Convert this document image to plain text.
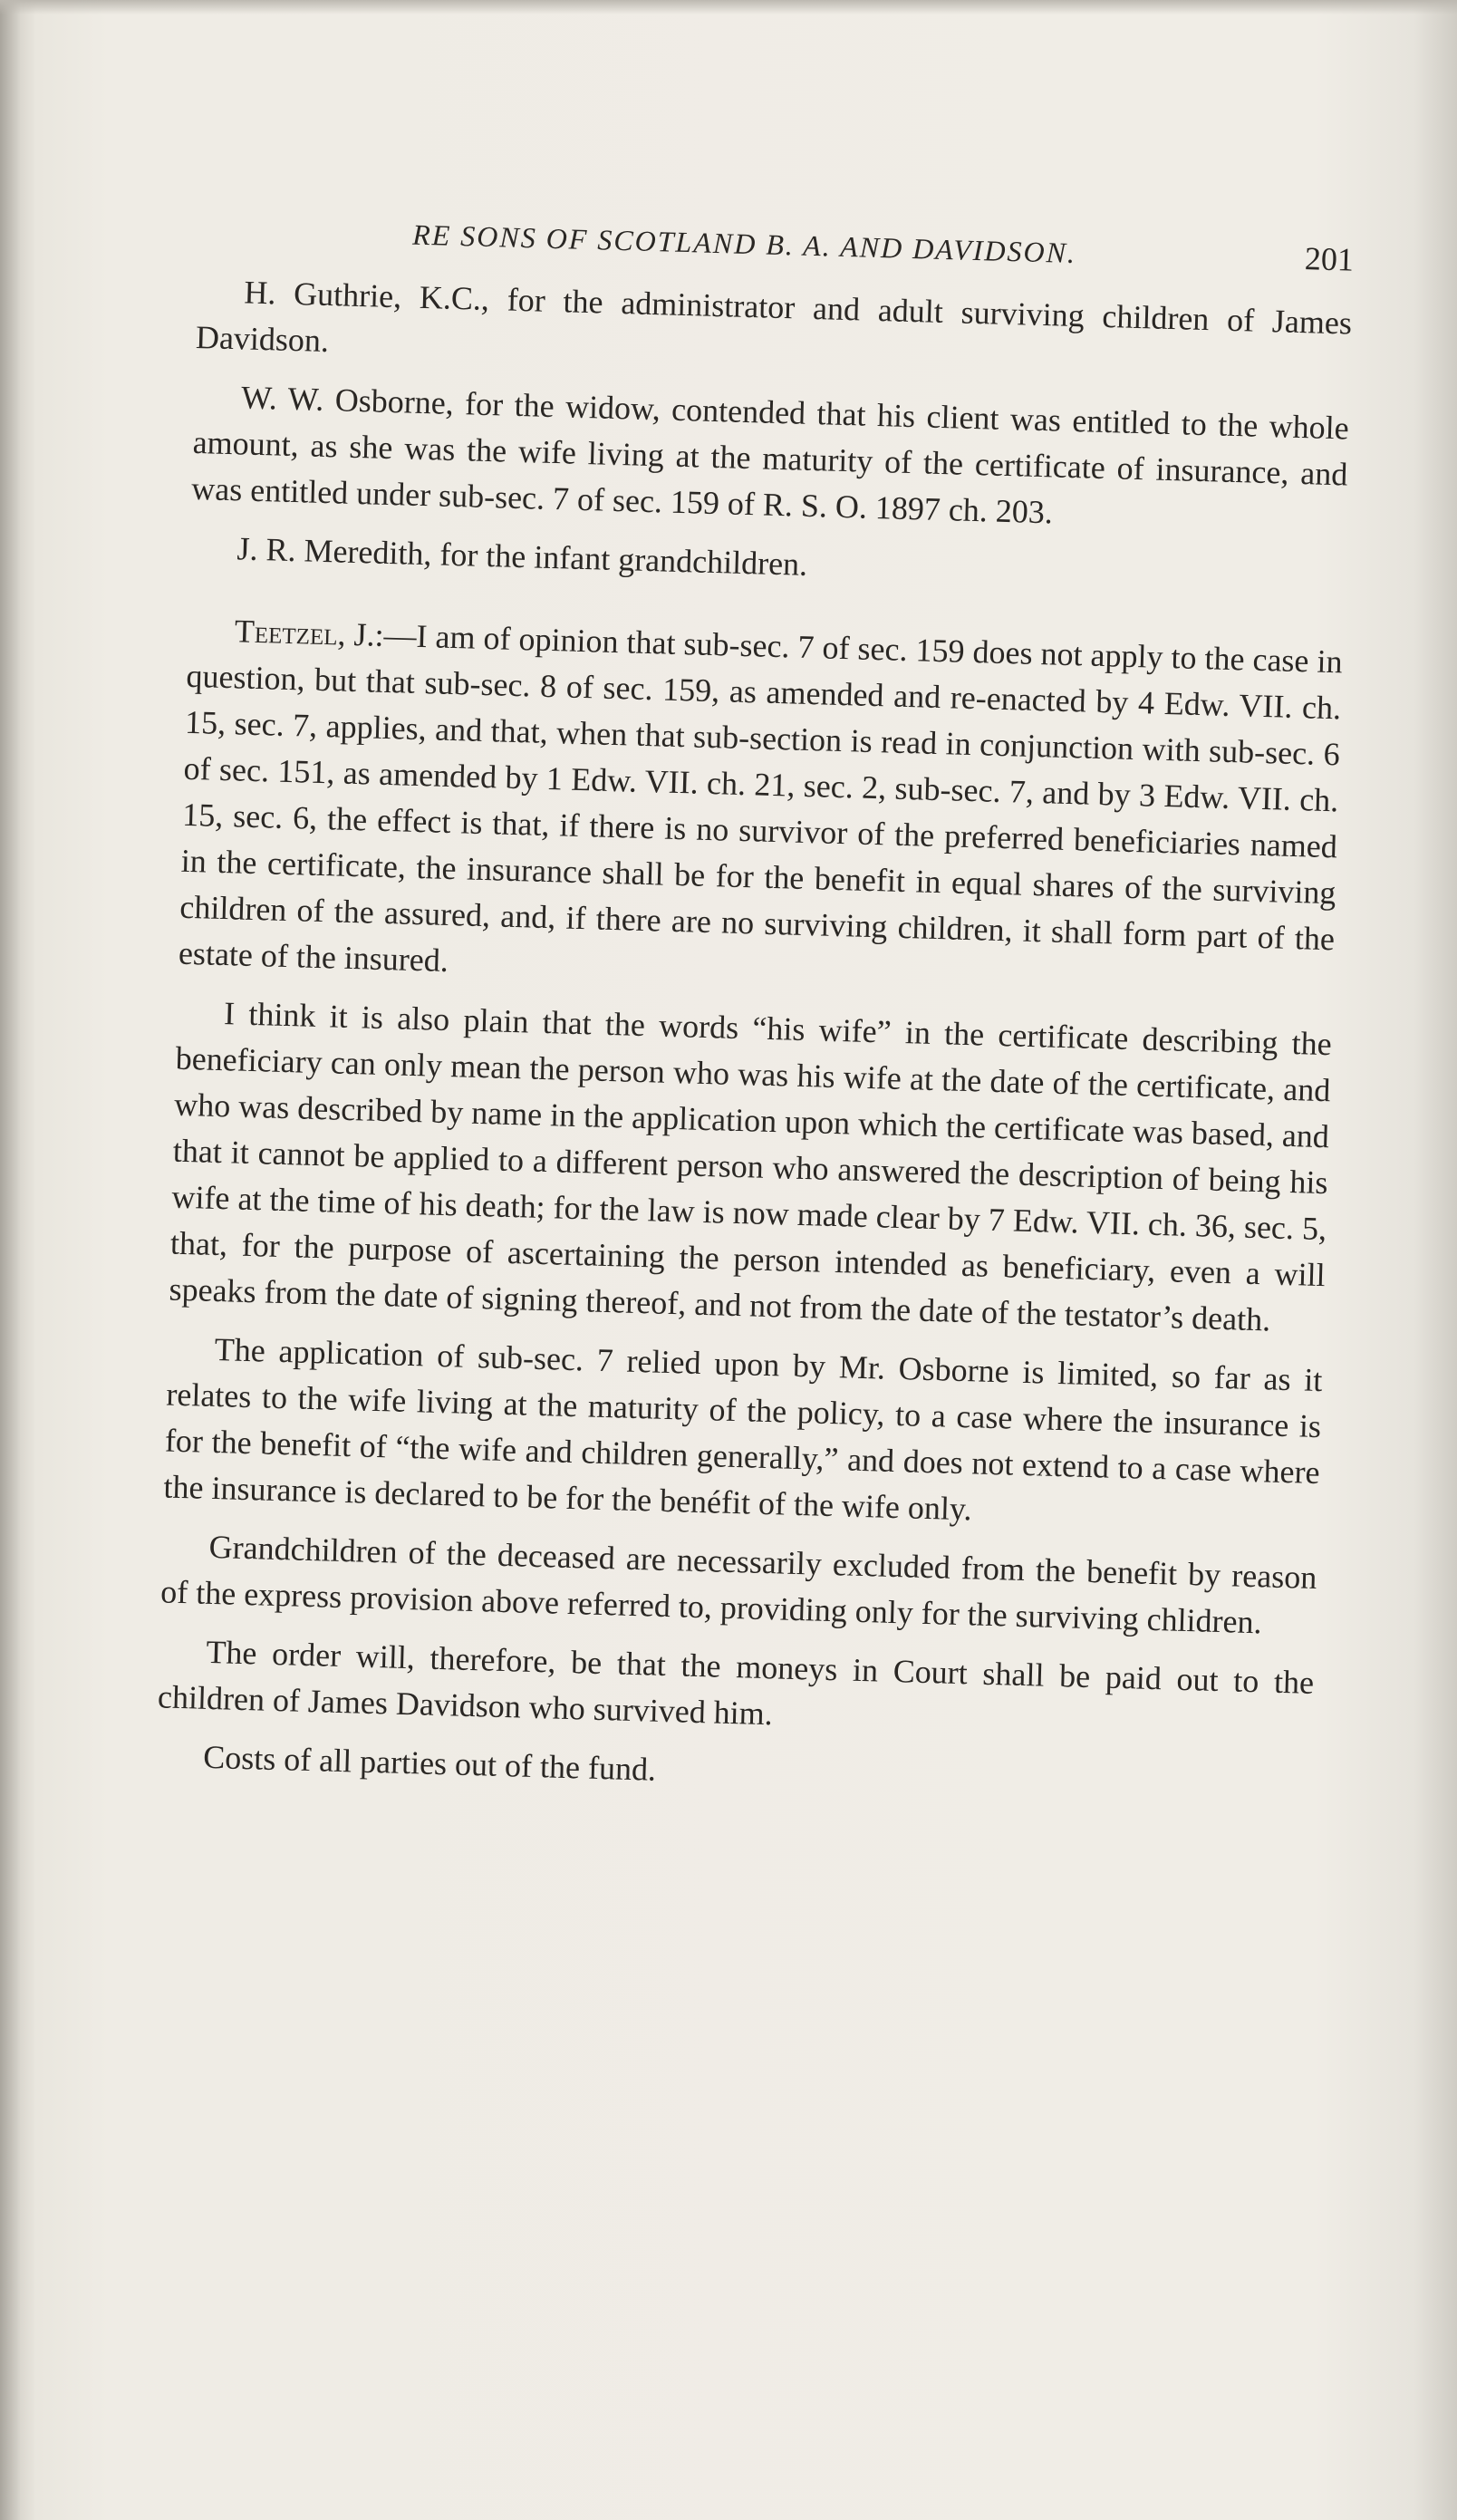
RE SONS OF SCOTLAND B. A. AND DAVIDSON.	201

H. Guthrie, K.C., for the administrator and adult surviving children of James Davidson.

W. W. Osborne, for the widow, contended that his client was entitled to the whole amount, as she was the wife living at the maturity of the certificate of insurance, and was entitled under sub-sec. 7 of sec. 159 of R. S. O. 1897 ch. 203.

J. R. Meredith, for the infant grandchildren.

Teetzel, J.:—I am of opinion that sub-sec. 7 of sec. 159 does not apply to the case in question, but that sub-sec. 8 of sec. 159, as amended and re-enacted by 4 Edw. VII. ch. 15, sec. 7, applies, and that, when that sub-section is read in conjunction with sub-sec. 6 of sec. 151, as amended by 1 Edw. VII. ch. 21, sec. 2, sub-sec. 7, and by 3 Edw. VII. ch. 15, sec. 6, the effect is that, if there is no survivor of the preferred beneficiaries named in the certificate, the insurance shall be for the benefit in equal shares of the surviving children of the assured, and, if there are no surviving children, it shall form part of the estate of the insured.

I think it is also plain that the words “his wife” in the certificate describing the beneficiary can only mean the person who was his wife at the date of the certificate, and who was described by name in the application upon which the certificate was based, and that it cannot be applied to a different person who answered the description of being his wife at the time of his death; for the law is now made clear by 7 Edw. VII. ch. 36, sec. 5, that, for the purpose of ascertaining the person intended as beneficiary, even a will speaks from the date of signing thereof, and not from the date of the testator’s death.

The application of sub-sec. 7 relied upon by Mr. Osborne is limited, so far as it relates to the wife living at the maturity of the policy, to a case where the insurance is for the benefit of “the wife and children generally,” and does not extend to a case where the insurance is declared to be for the benéfit of the wife only.

Grandchildren of the deceased are necessarily excluded from the benefit by reason of the express provision above referred to, providing only for the surviving chlidren.

The order will, therefore, be that the moneys in Court shall be paid out to the children of James Davidson who survived him.

Costs of all parties out of the fund.
